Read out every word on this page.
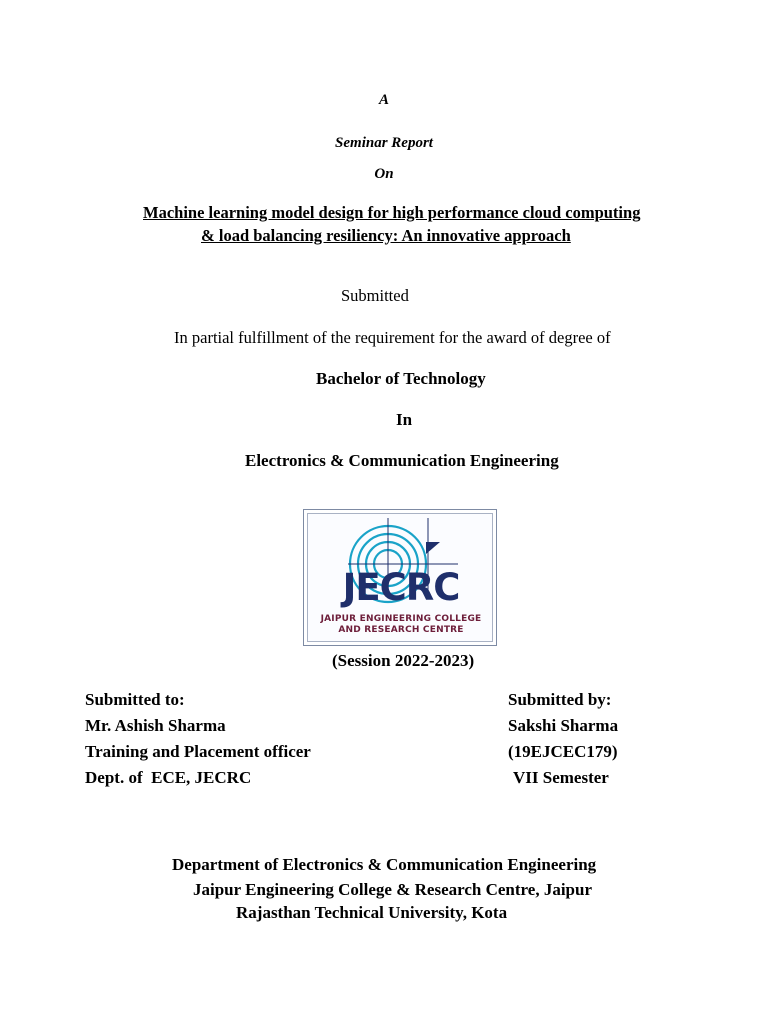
A
Seminar Report
On
Machine learning model design for high performance cloud computing
& load balancing resiliency: An innovative approach
Submitted
In partial fulfillment of the requirement for the award of degree of
Bachelor of Technology
In
Electronics & Communication Engineering
JECRC
JAIPUR ENGINEERING COLLEGE
AND RESEARCH CENTRE
(Session 2022-2023)
Submitted to:
Mr. Ashish Sharma
Training and Placement officer
Dept. of  ECE, JECRC
Submitted by:
Sakshi Sharma
(19EJCEC179)
VII Semester
Department of Electronics & Communication Engineering
Jaipur Engineering College & Research Centre, Jaipur
Rajasthan Technical University, Kota
